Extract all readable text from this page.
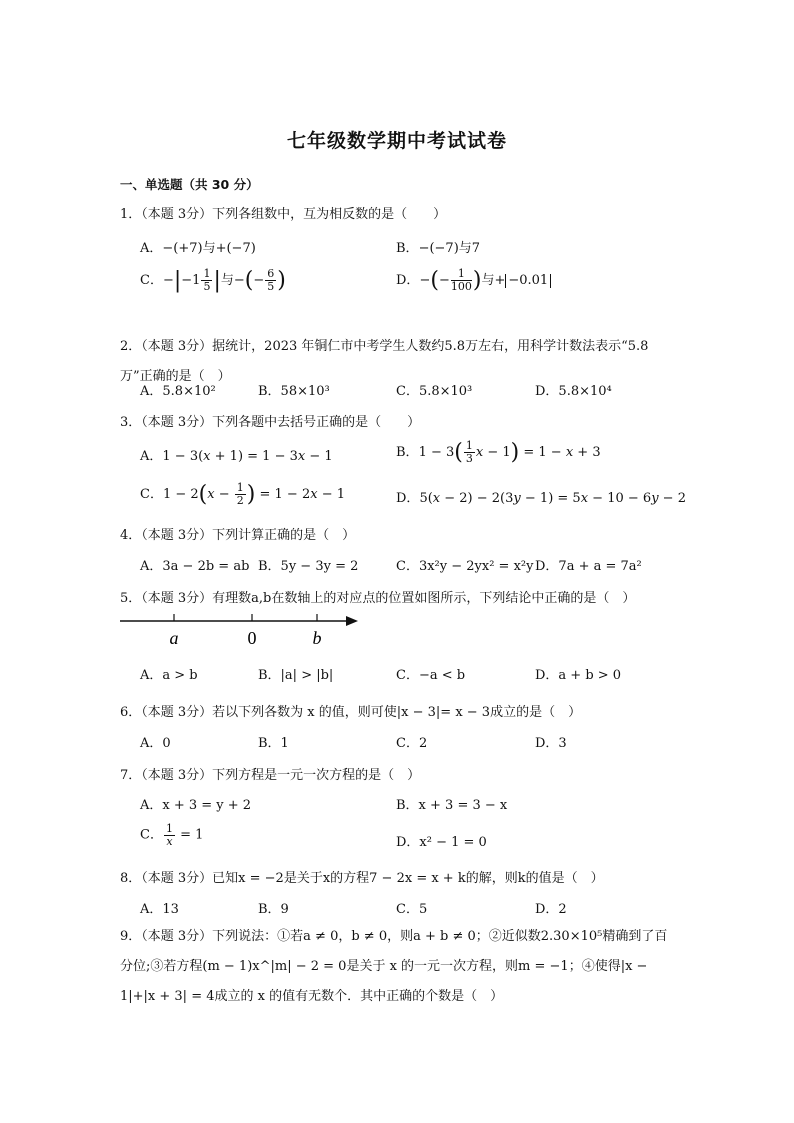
七年级数学期中考试试卷
一、单选题（共 30 分）
1．（本题 3分）下列各组数中，互为相反数的是（　　）
A．−(+7)与+(−7)	B．−(−7)与7
C．$-|-1 \frac{1}{5}$ |与−(− $\frac{6}{5}$ )	D．−(− $\frac{1}{100}$ )与+ −0.01
2．（本题 3分）据统计，2023 年铜仁市中考学生人数约5.8万左右，用科学计数法表示“5.8万”正确的是（　）
A．5.8×10²	B．58×10³	C．5.8×10³	D．5.8×10⁴
3．（本题 3分）下列各题中去括号正确的是（　　）
A．1 − 3(x + 1) = 1 − 3x − 1	B．$1 - 3( \frac{1}{3}$ x − 1) = 1 − x + 3
C．$1 - 2(x - \frac{1}{2}$ ) = 1 − 2x − 1	D．5(x − 2) − 2(3y − 1) = 5x − 10 − 6y − 2
4．（本题 3分）下列计算正确的是（　）
A．3a − 2b = ab B．5y − 3y = 2	C．3x²y − 2yx² = x²y D．7a + a = 7a²
5．（本题 3分）有理数a,b在数轴上的对应点的位置如图所示，下列结论中正确的是（　）
a	0	b
A．a > b	B．|a| > |b|	C．−a < b	D．a + b > 0
6．（本题 3分）若以下列各数为 x 的值，则可使|x − 3|= x − 3成立的是（　）
A．0	B．1	C．2	D．3
7．（本题 3分）下列方程是一元一次方程的是（　）
A．x + 3 = y + 2	B．x + 3 = 3 − x
C． $\frac{1}{x} = 1$	D．x² − 1 = 0
8．（本题 3分）已知x = −2是关于x的方程7 − 2x = x + k的解，则k的值是（　）
A．13	B．9	C．5	D．2
9．（本题 3分）下列说法：①若a ≠ 0，b ≠ 0，则a + b ≠ 0；②近似数2.30×10⁵精确到了百分位;③若方程(m − 1)x^|m| − 2 = 0是关于 x 的一元一次方程，则m = −1；④使得|x − 1|+|x + 3| = 4成立的 x 的值有无数个．其中正确的个数是（　）
